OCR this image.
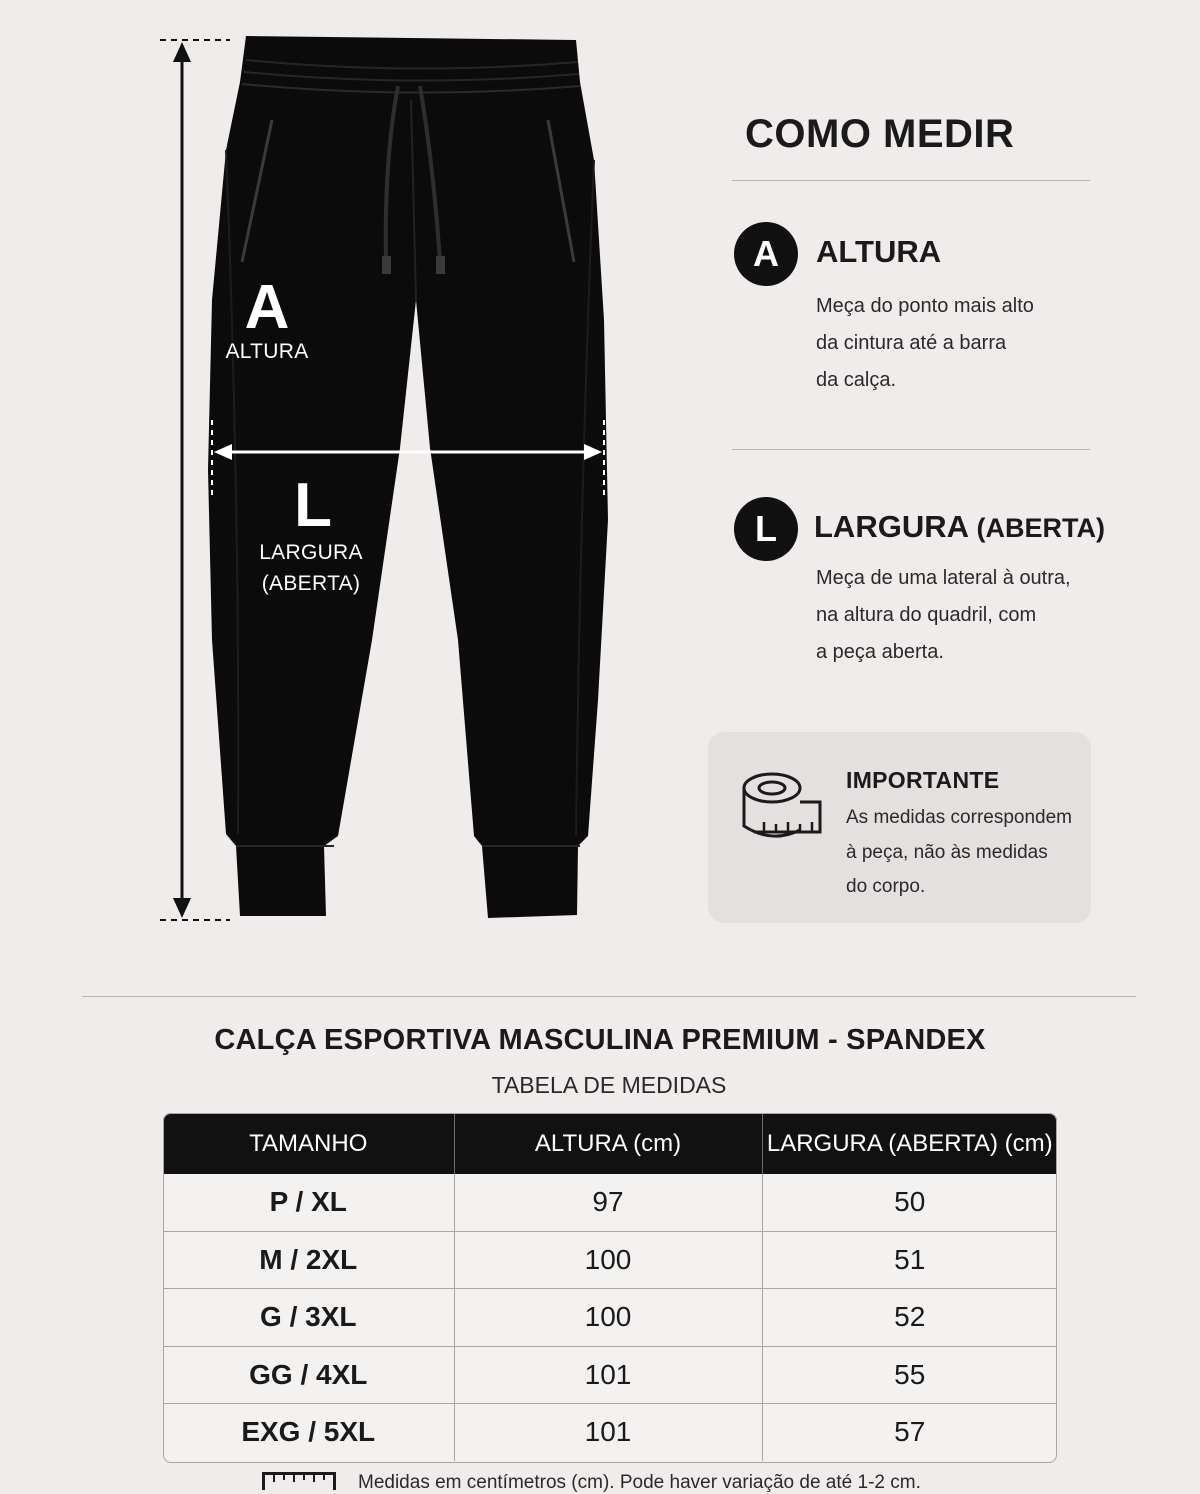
A
ALTURA
L
LARGURA
(ABERTA)
COMO MEDIR
A	ALTURA

Meça do ponto mais alto
da cintura até a barra
da calça.

L	LARGURA (ABERTA)

Meça de uma lateral à outra,
na altura do quadril, com
a peça aberta.

IMPORTANTE

As medidas correspondem
à peça, não às medidas
do corpo.

CALÇA ESPORTIVA MASCULINA PREMIUM - SPANDEX

TABELA DE MEDIDAS

TAMANHO	ALTURA (cm)	LARGURA (ABERTA) (cm)
P / XL	97	50
M / 2XL	100	51
G / 3XL	100	52
GG / 4XL	101	55
EXG / 5XL	101	57

Medidas em centímetros (cm). Pode haver variação de até 1-2 cm.
